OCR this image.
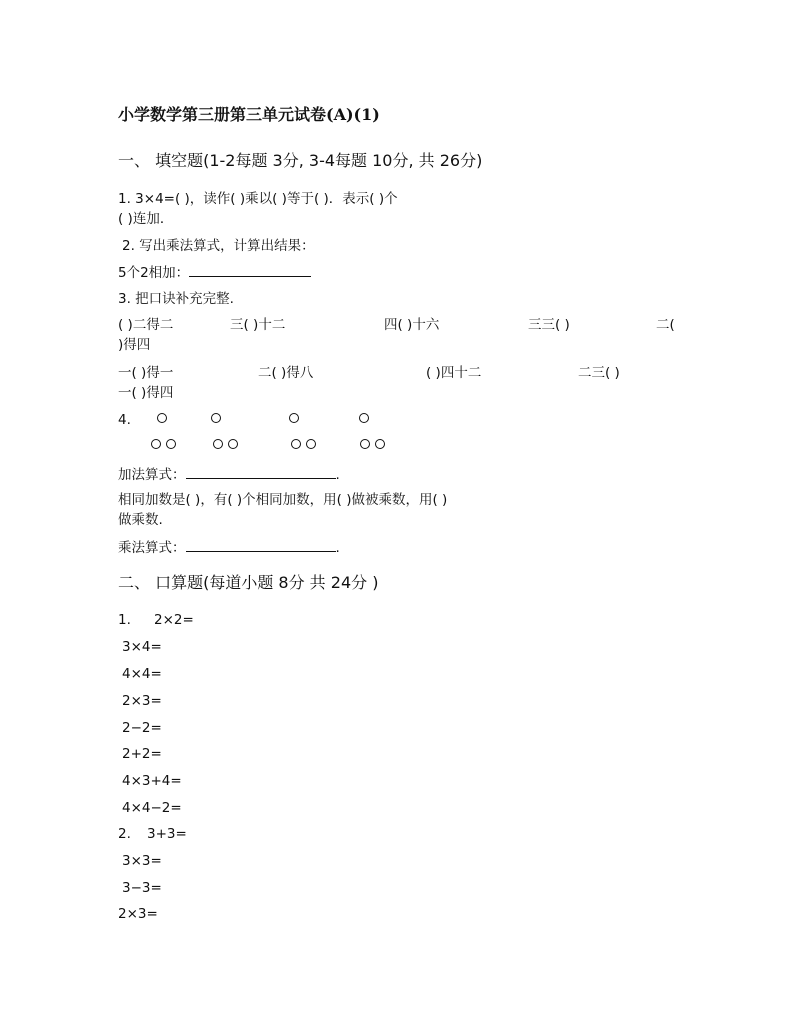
小学数学第三册第三单元试卷(A)(1)
一、 填空题(1-2每题 3分, 3-4每题 10分, 共 26分)
1. 3×4=( )，读作( )乘以( )等于( )．表示( )个
( )连加．
2. 写出乘法算式，计算出结果：
5个2相加：
3. 把口诀补充完整.
( )二得二	三( )十二	四( )十六	三三( )	二(
)得四
一( )得一	二( )得八	( )四十二	二三( )
一( )得四
4.
加法算式：	.
相同加数是( )，有( )个相同加数，用( )做被乘数，用( )
做乘数.
乘法算式：	.
二、 口算题(每道小题 8分 共 24分 )
1. 2×2=
3×4=
4×4=
2×3=
2−2=
2+2=
4×3+4=
4×4−2=
2. 3+3=
3×3=
3−3=
2×3=
